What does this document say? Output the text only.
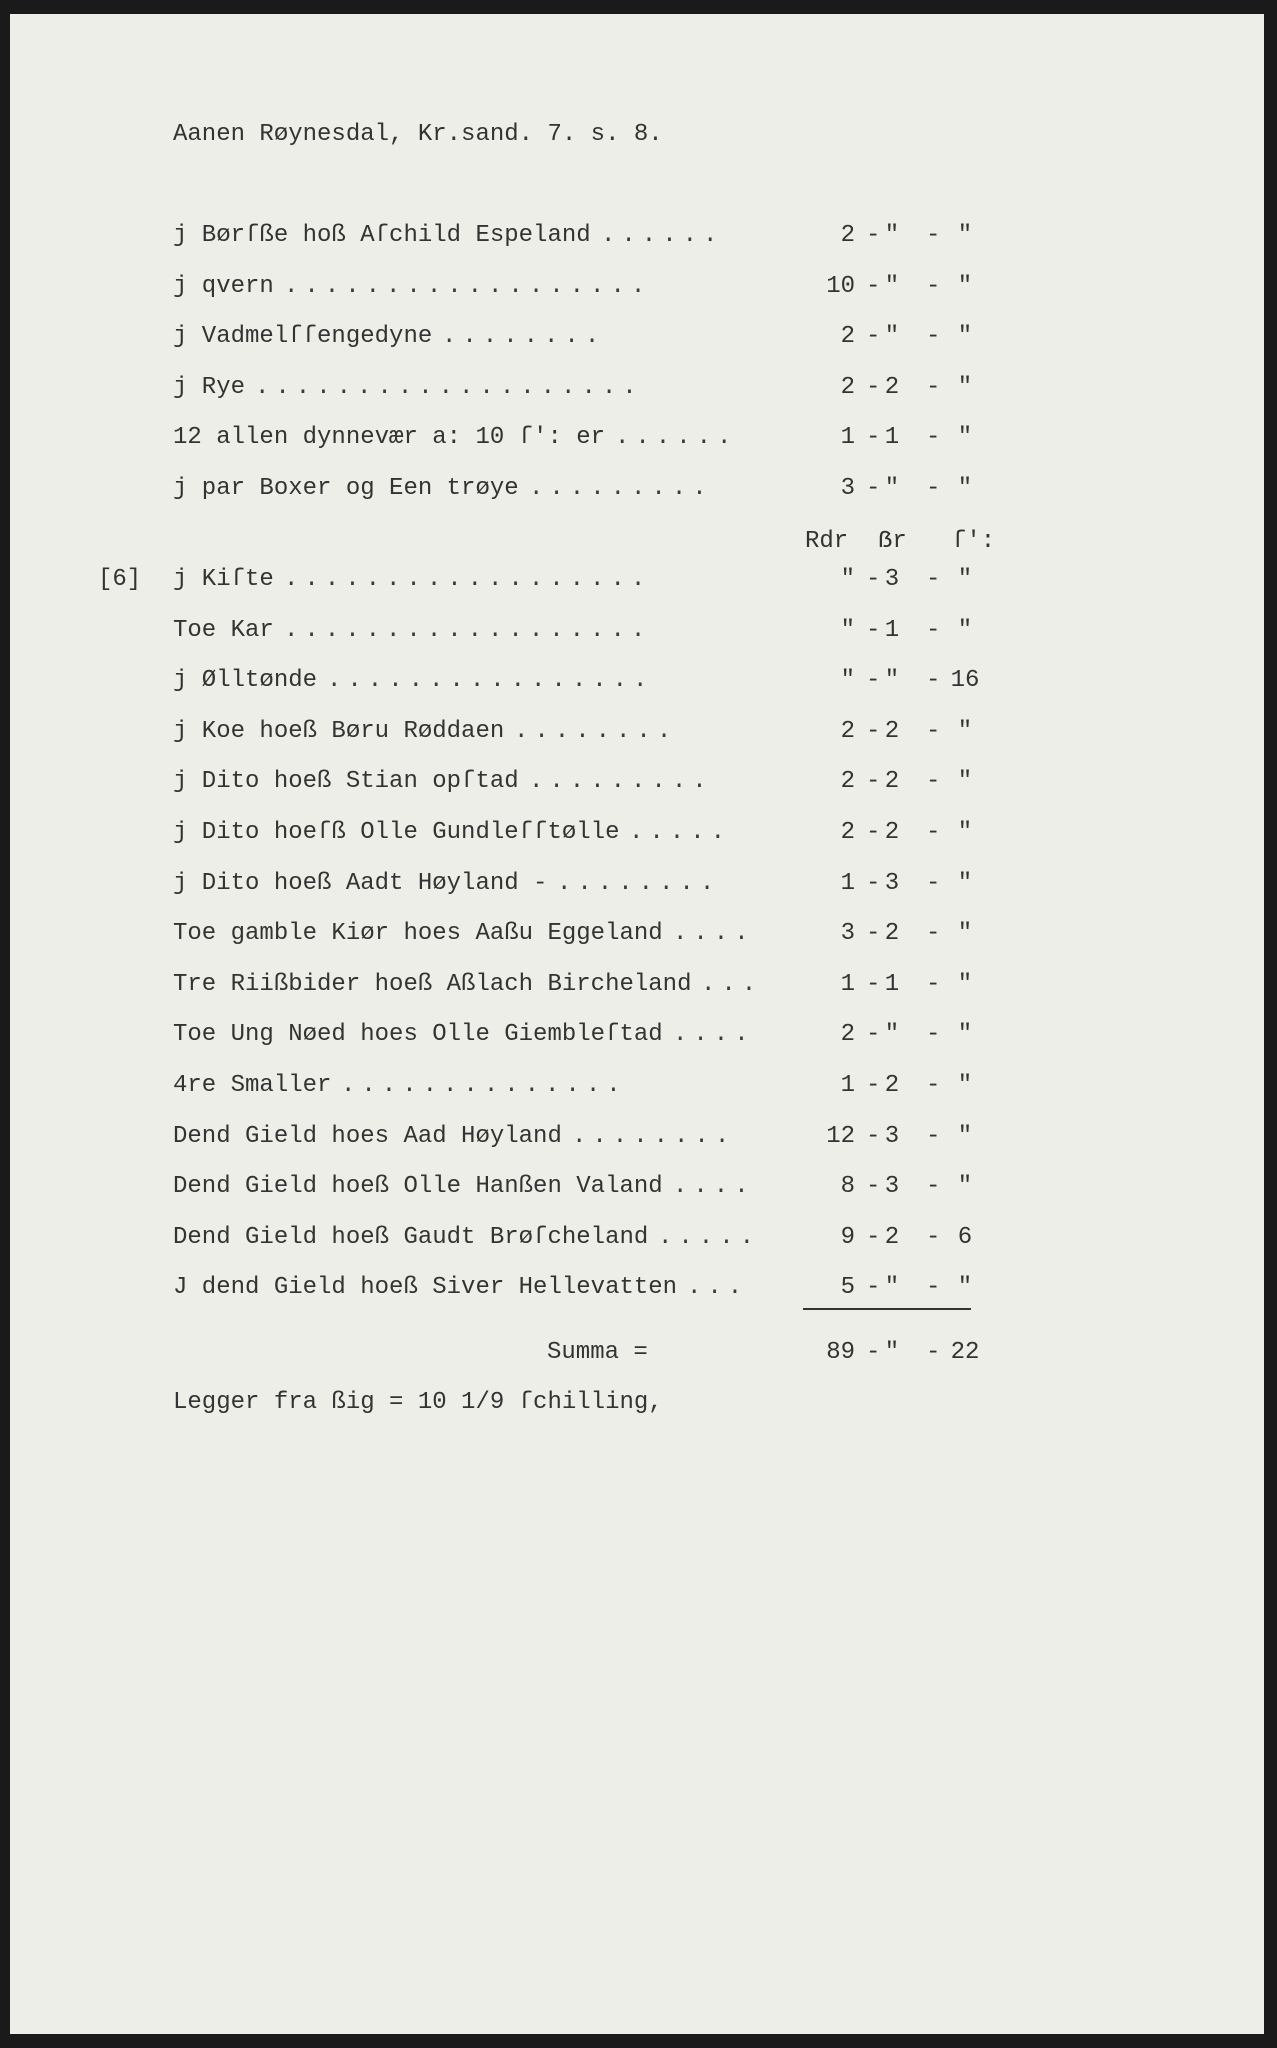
Aanen Røynesdal, Kr.sand. 7. s. 8.
j Børſße hoß Aſchild Espeland ......	2 - "	- "
j qvern ..................	10 - "	- "
j Vadmelſſengedyne ........	2 - "	- "
j Rye ...................	2 - 2	- "
12 allen dynnevær a: 10 ſ': er ......	1 - 1	- "
j par Boxer og Een trøye .........	3 - "	- "
Rdr ẞr ſ':
[6] j Kiſte ..................	" - 3	- "
Toe Kar ..................	" - 1	- "
j Ølltønde ................	" - "	- 16
j Koe hoeß Børu Røddaen ........	2 - 2	- "
j Dito hoeß Stian opſtad .........	2 - 2	- "
j Dito hoeſß Olle Gundleſſtølle .....	2 - 2	- "
j Dito hoeß Aadt Høyland - ........	1 - 3	- "
Toe gamble Kiør hoes Aaßu Eggeland ....	3 - 2	- "
Tre Riißbider hoeß Aßlach Bircheland ...	1 - 1	- "
Toe Ung Nøed hoes Olle Giembleſtad ....	2 - "	- "
4re Smaller ..............	1 - 2	- "
Dend Gield hoes Aad Høyland ........	12 - 3	- "
Dend Gield hoeß Olle Hanßen Valand ....	8 - 3	- "
Dend Gield hoeß Gaudt Brøſcheland .....	9 - 2	- 6
J dend Gield hoeß Siver Hellevatten ...	5 - "	- "
Summa =	89 - "	- 22
Legger fra ßig = 10 1/9 ſchilling,
